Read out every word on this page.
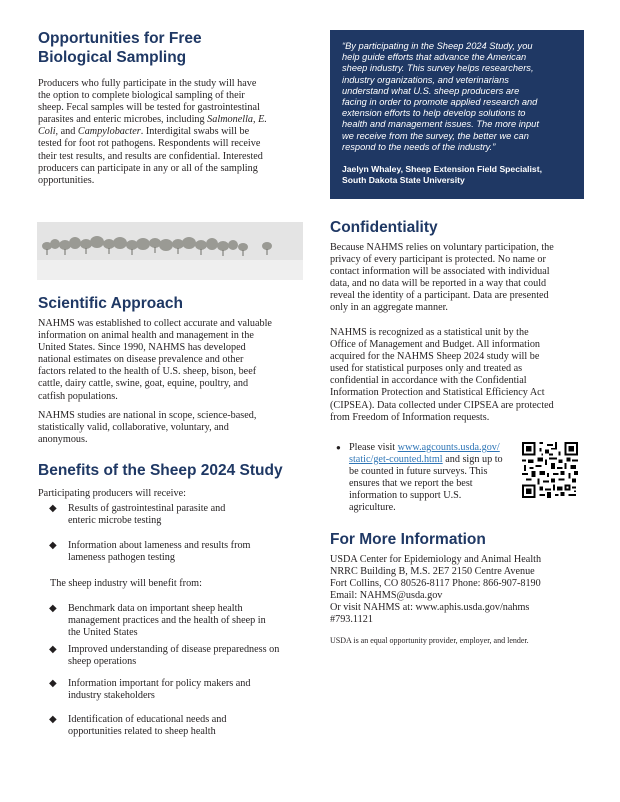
Opportunities for Free
Biological Sampling

Producers who fully participate in the study will have

the option to complete biological sampling of their

sheep. Fecal samples will be tested for gastrointestinal

parasites and enteric microbes, including Salmonella, E.

Coli, and Campylobacter. Interdigital swabs will be

tested for foot rot pathogens. Respondents will receive

their test results, and results are confidential. Interested

producers can participate in any or all of the sampling

opportunities.

Scientific Approach

NAHMS was established to collect accurate and valuable

information on animal health and management in the

United States. Since 1990, NAHMS has developed

national estimates on disease prevalence and other

factors related to the health of U.S. sheep, bison, beef

cattle, dairy cattle, swine, goat, equine, poultry, and

catfish populations.

NAHMS studies are national in scope, science-based,

statistically valid, collaborative, voluntary, and

anonymous.

Benefits of the Sheep 2024 Study

Participating producers will receive:

◆ Results of gastrointestinal parasite and

enteric microbe testing

◆ Information about lameness and results from

lameness pathogen testing

The sheep industry will benefit from:

◆ Benchmark data on important sheep health

management practices and the health of sheep in

the United States

◆ Improved understanding of disease preparedness on

sheep operations

◆ Information important for policy makers and

industry stakeholders

◆ Identification of educational needs and

opportunities related to sheep health

“By participating in the Sheep 2024 Study, you
help guide efforts that advance the American
sheep industry. This survey helps researchers,
industry organizations, and veterinarians
understand what U.S. sheep producers are
facing in order to promote applied research and
extension efforts to help develop solutions to
health and management issues. The more input
we receive from the survey, the better we can
respond to the needs of the industry.”
Jaelyn Whaley, Sheep Extension Field Specialist,
South Dakota State University
Confidentiality

Because NAHMS relies on voluntary participation, the

privacy of every participant is protected. No name or

contact information will be associated with individual

data, and no data will be reported in a way that could

reveal the identity of a participant. Data are presented

only in an aggregate manner.

NAHMS is recognized as a statistical unit by the

Office of Management and Budget. All information

acquired for the NAHMS Sheep 2024 study will be

used for statistical purposes only and treated as

confidential in accordance with the Confidential

Information Protection and Statistical Efficiency Act

(CIPSEA). Data collected under CIPSEA are protected

from Freedom of Information requests.

● Please visit www.agcounts.usda.gov/

static/get-counted.html and sign up to

be counted in future surveys. This

ensures that we report the best

information to support U.S.

agriculture.

For More Information

USDA Center for Epidemiology and Animal Health

NRRC Building B, M.S. 2E7 2150 Centre Avenue

Fort Collins, CO 80526-8117 Phone: 866-907-8190

Email: NAHMS@usda.gov

Or visit NAHMS at: www.aphis.usda.gov/nahms

#793.1121

USDA is an equal opportunity provider, employer, and lender.
